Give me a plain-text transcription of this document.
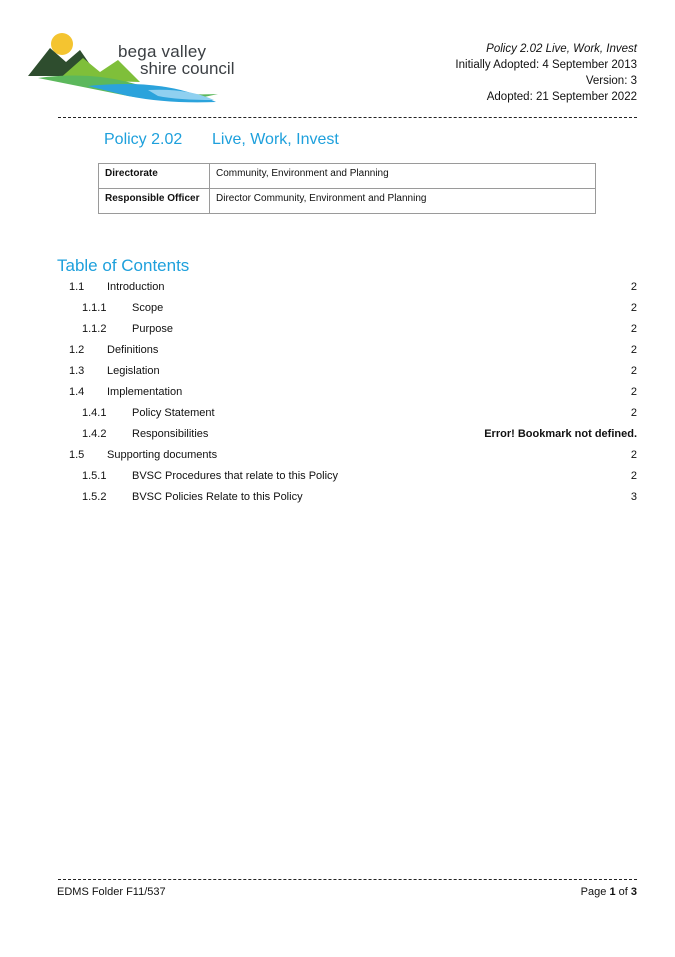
bega valley
shire council
Policy 2.02 Live, Work, Invest
Initially Adopted: 4 September 2013
Version: 3
Adopted: 21 September 2022
Policy 2.02 Live, Work, Invest
Directorate	Community, Environment and Planning
Responsible Officer	Director Community, Environment and Planning
Table of Contents
1.1 Introduction	2
1.1.1 Scope	2
1.1.2 Purpose	2
1.2 Definitions	2
1.3 Legislation	2
1.4 Implementation	2
1.4.1 Policy Statement	2
1.4.2 Responsibilities	Error! Bookmark not defined.
1.5 Supporting documents	2
1.5.1 BVSC Procedures that relate to this Policy	2
1.5.2 BVSC Policies Relate to this Policy	3
EDMS Folder F11/537	Page 1 of 3
